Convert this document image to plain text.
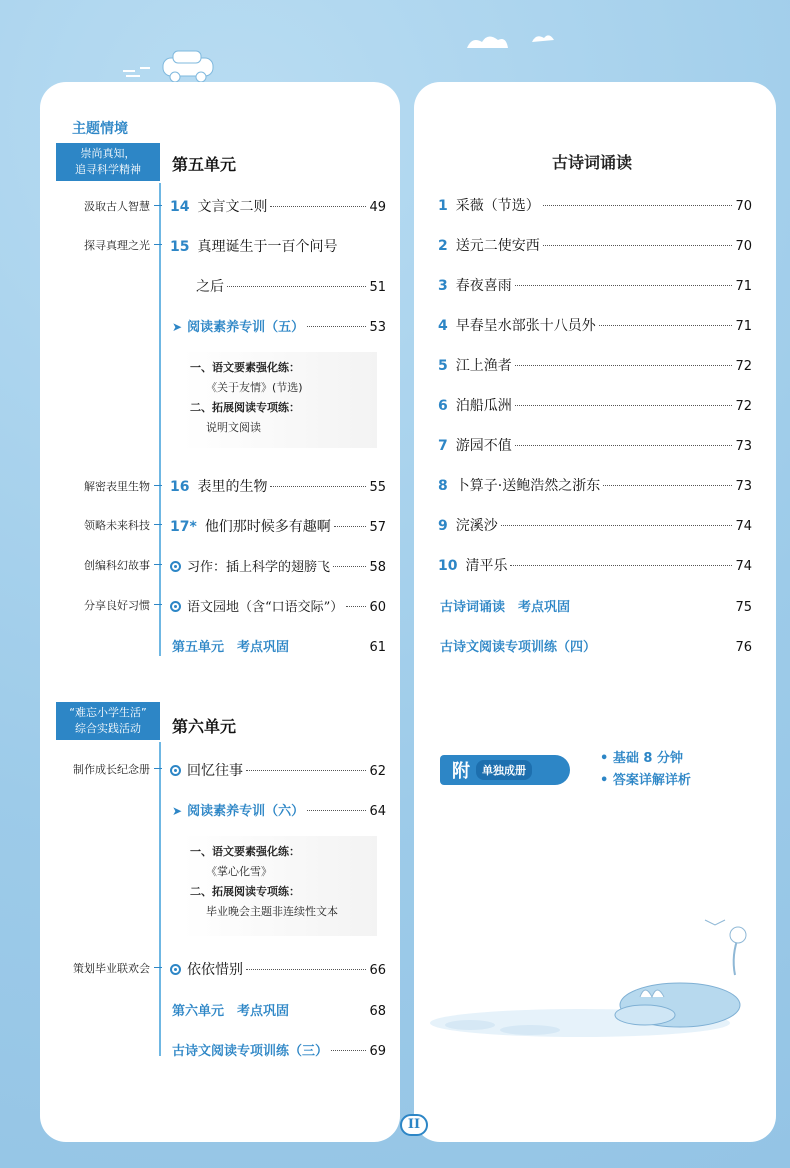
主题情境
崇尚真知，
追寻科学精神	第五单元
汲取古人智慧
探寻真理之光
解密表里生物
领略未来科技
创编科幻故事
分享良好习惯
14 文言文二则	49
15 真理诞生于一百个问号
之后	51
➤ 阅读素养专训（五）	53
一、语文要素强化练：
《关于友情》(节选)
二、拓展阅读专项练：
说明文阅读
16 表里的生物	55
17* 他们那时候多有趣啊	57
习作：插上科学的翅膀飞	58
语文园地（含“口语交际”） 60
第五单元　考点巩固	61
“难忘小学生活”
综合实践活动	第六单元
制作成长纪念册
策划毕业联欢会
回忆往事	62
➤ 阅读素养专训（六）	64
一、语文要素强化练：
《掌心化雪》
二、拓展阅读专项练：
毕业晚会主题非连续性文本
依依惜别	66
第六单元　考点巩固	68
古诗文阅读专项训练（三）	69
古诗词诵读
1 采薇（节选）	70
2 送元二使安西	70
3 春夜喜雨	71
4 早春呈水部张十八员外	71
5 江上渔者	72
6 泊船瓜洲	72
7 游园不值	73
8 卜算子·送鲍浩然之浙东	73
9 浣溪沙	74
10 清平乐	74
古诗词诵读　考点巩固	75
古诗文阅读专项训练（四）	76
附	单独成册
• 基础 8 分钟
• 答案详解详析
II
